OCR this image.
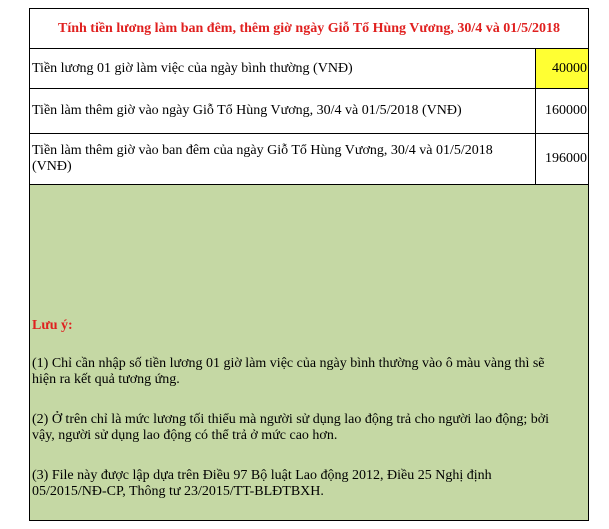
Tính tiền lương làm ban đêm, thêm giờ ngày Giỗ Tổ Hùng Vương, 30/4 và 01/5/2018
Tiền lương 01 giờ làm việc của ngày bình thường (VNĐ)	40000
Tiền làm thêm giờ vào ngày Giỗ Tổ Hùng Vương, 30/4 và 01/5/2018 (VNĐ)	160000
Tiền làm thêm giờ vào ban đêm của ngày Giỗ Tổ Hùng Vương, 30/4 và 01/5/2018 (VNĐ)
196000
Lưu ý:
(1) Chỉ cần nhập số tiền lương 01 giờ làm việc của ngày bình thường vào ô màu vàng thì sẽ hiện ra kết quả tương ứng.
(2) Ở trên chỉ là mức lương tối thiểu mà người sử dụng lao động trả cho người lao động; bởi vậy, người sử dụng lao động có thể trả ở mức cao hơn.
(3) File này được lập dựa trên Điều 97 Bộ luật Lao động 2012, Điều 25 Nghị định 05/2015/NĐ-CP, Thông tư 23/2015/TT-BLĐTBXH.
